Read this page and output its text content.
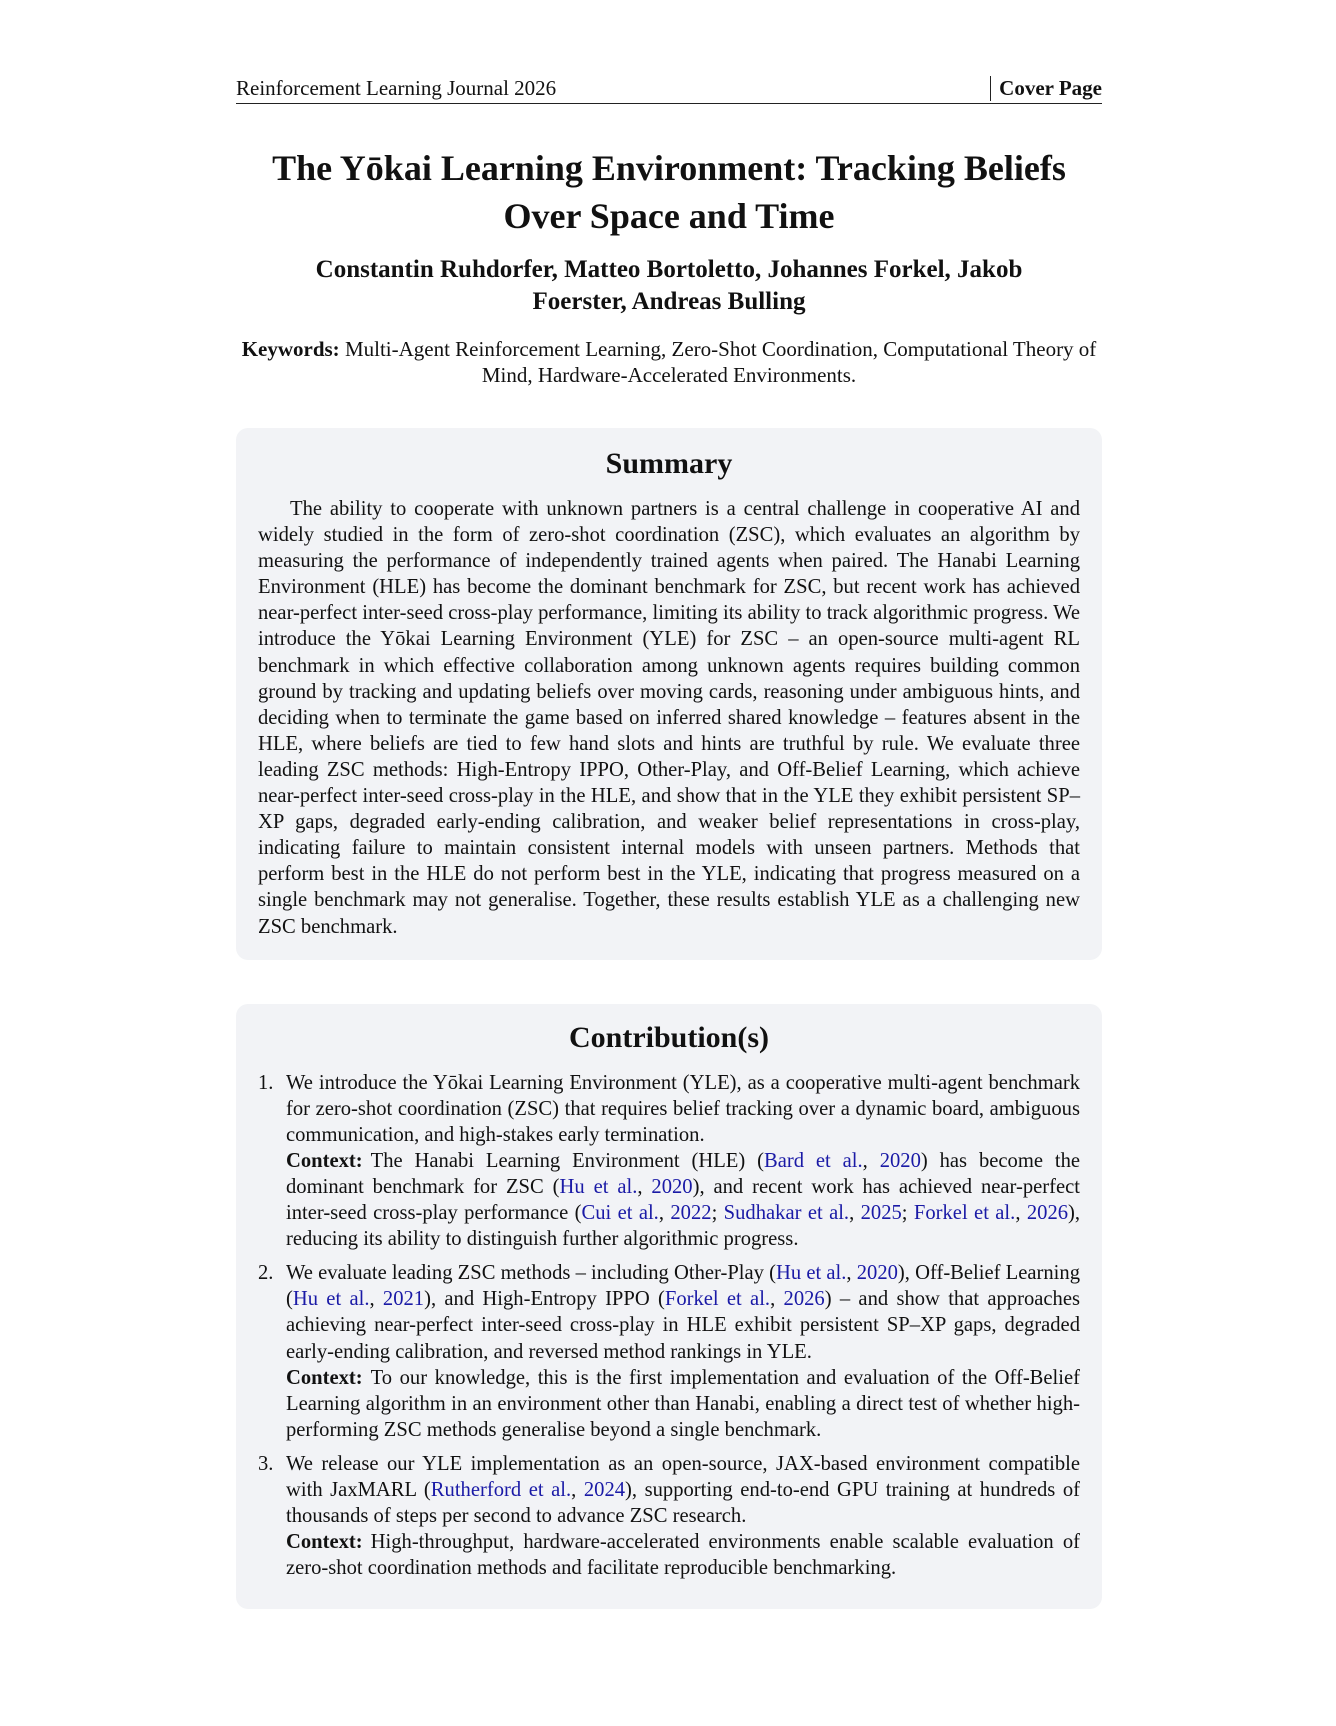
Reinforcement Learning Journal 2026	Cover Page
The Yōkai Learning Environment: Tracking Beliefs Over Space and Time
Constantin Ruhdorfer, Matteo Bortoletto, Johannes Forkel, Jakob Foerster, Andreas Bulling
Keywords: Multi-Agent Reinforcement Learning, Zero-Shot Coordination, Computational Theory of Mind, Hardware-Accelerated Environments.
Summary

The ability to cooperate with unknown partners is a central challenge in cooperative AI and widely studied in the form of zero-shot coordination (ZSC), which evaluates an algorithm by measuring the performance of independently trained agents when paired. The Hanabi Learning Environment (HLE) has become the dominant benchmark for ZSC, but recent work has achieved near-perfect inter-seed cross-play performance, limiting its ability to track algorithmic progress. We introduce the Yōkai Learning Environment (YLE) for ZSC – an open-source multi-agent RL benchmark in which effective collaboration among unknown agents requires building common ground by tracking and updating beliefs over moving cards, reasoning under ambiguous hints, and deciding when to terminate the game based on inferred shared knowledge – features absent in the HLE, where beliefs are tied to few hand slots and hints are truthful by rule. We evaluate three leading ZSC methods: High-Entropy IPPO, Other-Play, and Off-Belief Learning, which achieve near-perfect inter-seed cross-play in the HLE, and show that in the YLE they exhibit persistent SP–XP gaps, degraded early-ending calibration, and weaker belief representations in cross-play, indicating failure to maintain consistent internal models with unseen partners. Methods that perform best in the HLE do not perform best in the YLE, indicating that progress measured on a single benchmark may not generalise. Together, these results establish YLE as a challenging new ZSC benchmark.

Contribution(s)
1. We introduce the Yōkai Learning Environment (YLE), as a cooperative multi-agent benchmark for zero-shot coordination (ZSC) that requires belief tracking over a dynamic board, ambiguous communication, and high-stakes early termination.
Context: The Hanabi Learning Environment (HLE) (Bard et al., 2020) has become the dominant benchmark for ZSC (Hu et al., 2020), and recent work has achieved near-perfect inter-seed cross-play performance (Cui et al., 2022; Sudhakar et al., 2025; Forkel et al., 2026), reducing its ability to distinguish further algorithmic progress.
2. We evaluate leading ZSC methods – including Other-Play (Hu et al., 2020), Off-Belief Learning (Hu et al., 2021), and High-Entropy IPPO (Forkel et al., 2026) – and show that approaches achieving near-perfect inter-seed cross-play in HLE exhibit persistent SP–XP gaps, degraded early-ending calibration, and reversed method rankings in YLE.
Context: To our knowledge, this is the first implementation and evaluation of the Off-Belief Learning algorithm in an environment other than Hanabi, enabling a direct test of whether high-performing ZSC methods generalise beyond a single benchmark.
3. We release our YLE implementation as an open-source, JAX-based environment compatible with JaxMARL (Rutherford et al., 2024), supporting end-to-end GPU training at hundreds of thousands of steps per second to advance ZSC research.
Context: High-throughput, hardware-accelerated environments enable scalable evaluation of zero-shot coordination methods and facilitate reproducible benchmarking.
